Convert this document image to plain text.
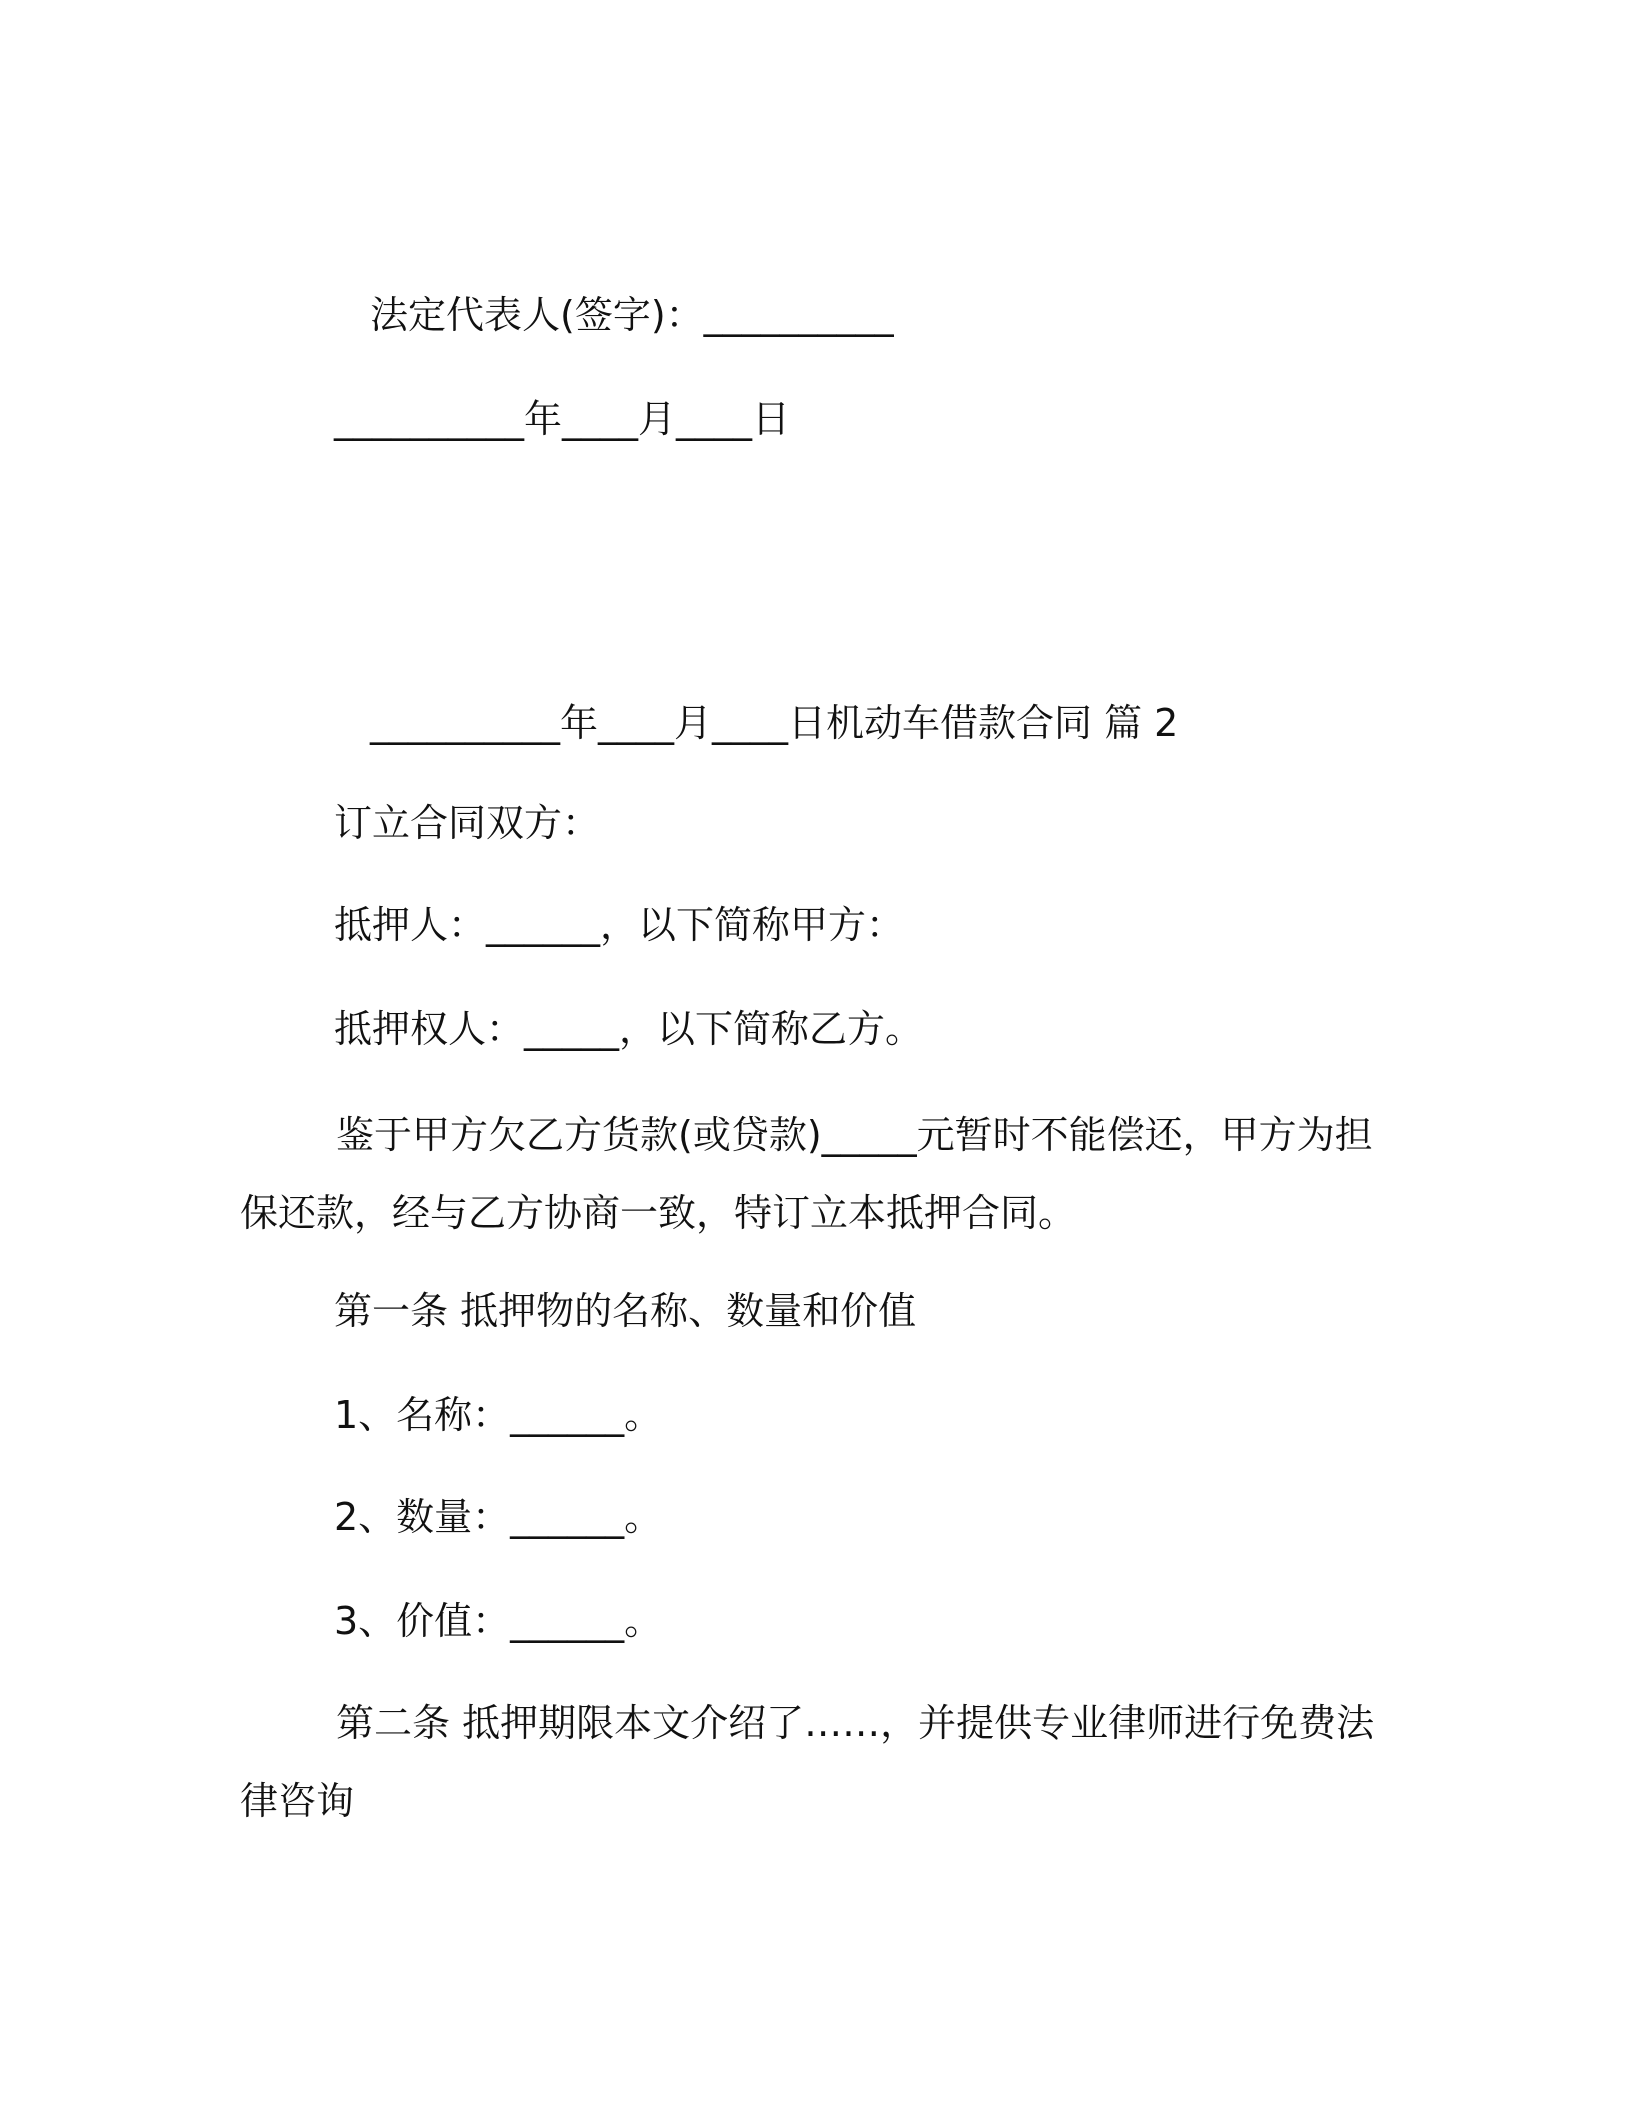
法定代表人(签字)：__________
__________年____月____日
__________年____月____日机动车借款合同 篇 2
订立合同双方：
抵押人：______，以下简称甲方：
抵押权人：_____，以下简称乙方。
鉴于甲方欠乙方货款(或贷款)_____元暂时不能偿还，甲方为担保还款，经与乙方协商一致，特订立本抵押合同。
第一条 抵押物的名称、数量和价值
1、名称：______。
2、数量：______。
3、价值：______。
第二条 抵押期限本文介绍了……，并提供专业律师进行免费法律咨询
